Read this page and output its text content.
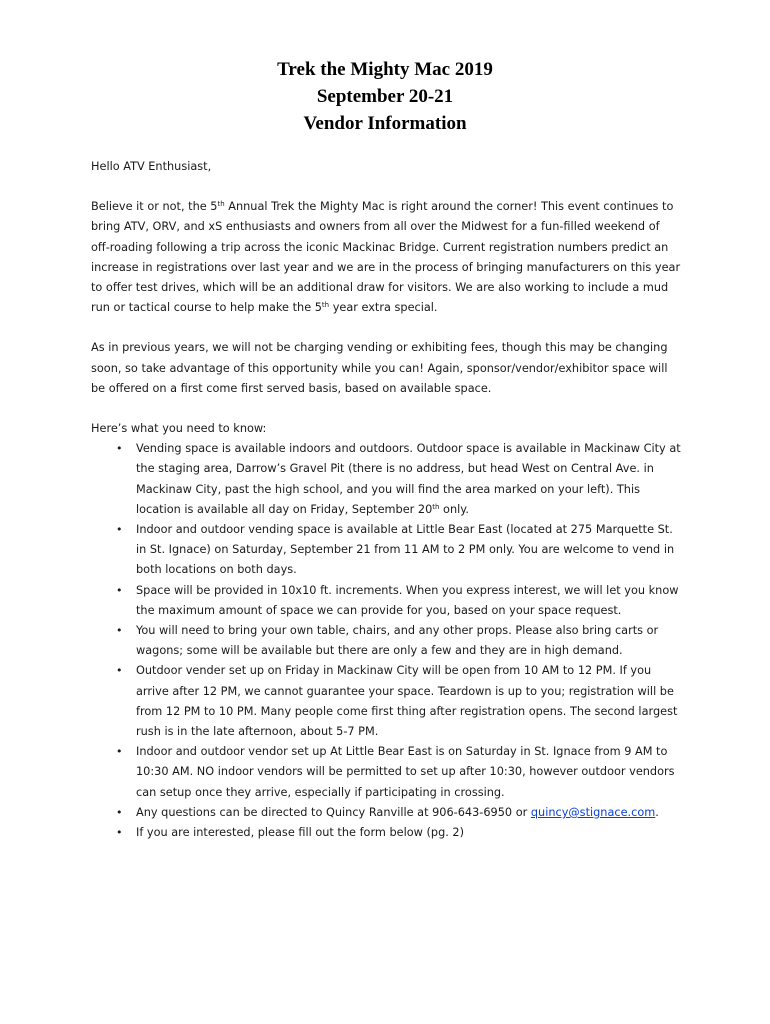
Trek the Mighty Mac 2019
September 20-21
Vendor Information

Hello ATV Enthusiast,

Believe it or not, the 5th Annual Trek the Mighty Mac is right around the corner! This event continues to bring ATV, ORV, and xS enthusiasts and owners from all over the Midwest for a fun-filled weekend of off-roading following a trip across the iconic Mackinac Bridge. Current registration numbers predict an increase in registrations over last year and we are in the process of bringing manufacturers on this year to offer test drives, which will be an additional draw for visitors. We are also working to include a mud run or tactical course to help make the 5th year extra special.

As in previous years, we will not be charging vending or exhibiting fees, though this may be changing soon, so take advantage of this opportunity while you can! Again, sponsor/vendor/exhibitor space will be offered on a first come first served basis, based on available space.

Here’s what you need to know:
• Vending space is available indoors and outdoors. Outdoor space is available in Mackinaw City at the staging area, Darrow’s Gravel Pit (there is no address, but head West on Central Ave. in Mackinaw City, past the high school, and you will find the area marked on your left). This location is available all day on Friday, September 20th only.
• Indoor and outdoor vending space is available at Little Bear East (located at 275 Marquette St. in St. Ignace) on Saturday, September 21 from 11 AM to 2 PM only. You are welcome to vend in both locations on both days.
• Space will be provided in 10x10 ft. increments. When you express interest, we will let you know the maximum amount of space we can provide for you, based on your space request.
• You will need to bring your own table, chairs, and any other props. Please also bring carts or wagons; some will be available but there are only a few and they are in high demand.
• Outdoor vender set up on Friday in Mackinaw City will be open from 10 AM to 12 PM. If you arrive after 12 PM, we cannot guarantee your space. Teardown is up to you; registration will be from 12 PM to 10 PM. Many people come first thing after registration opens. The second largest rush is in the late afternoon, about 5-7 PM.
• Indoor and outdoor vendor set up At Little Bear East is on Saturday in St. Ignace from 9 AM to 10:30 AM. NO indoor vendors will be permitted to set up after 10:30, however outdoor vendors can setup once they arrive, especially if participating in crossing.
• Any questions can be directed to Quincy Ranville at 906-643-6950 or quincy@stignace.com.
• If you are interested, please fill out the form below (pg. 2)
